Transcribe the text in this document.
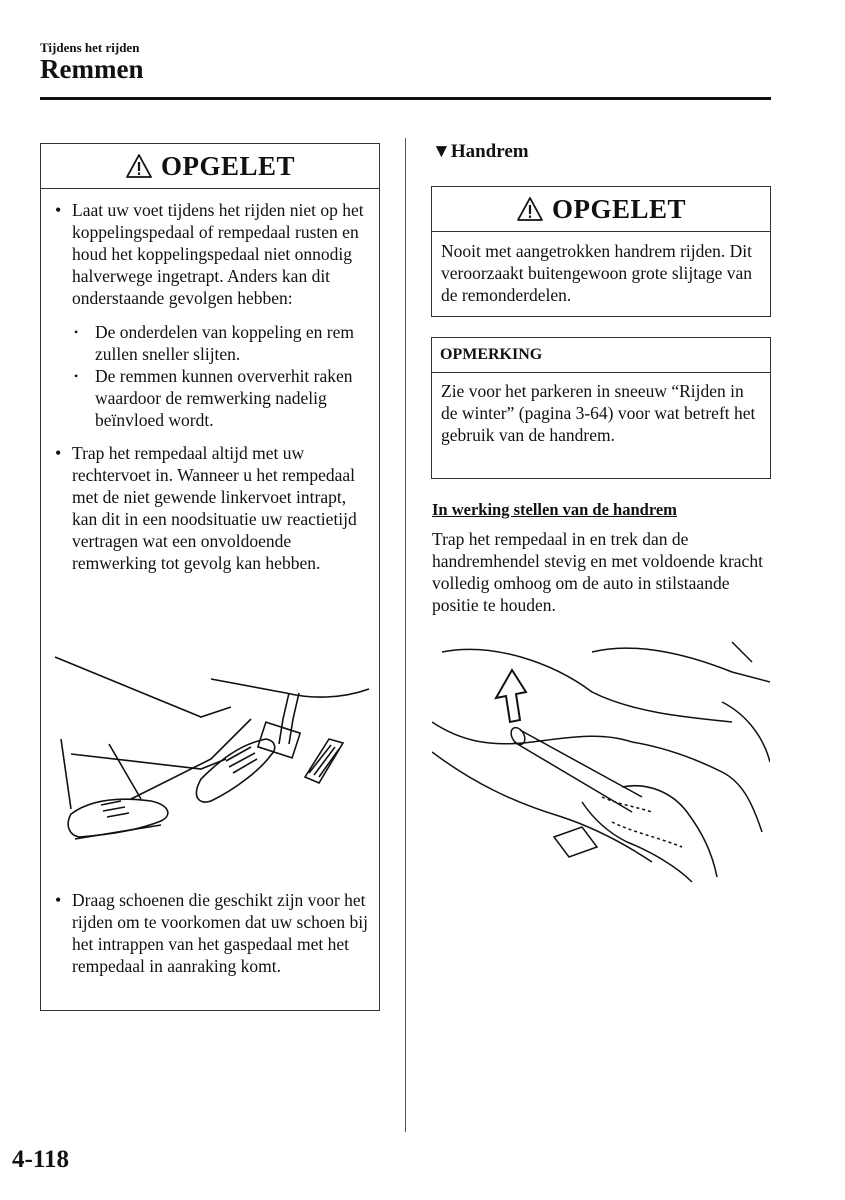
Tijdens het rijden
Remmen
OPGELET
• Laat uw voet tijdens het rijden niet op het koppelingspedaal of rempedaal rusten en houd het koppelingspedaal niet onnodig halverwege ingetrapt. Anders kan dit onderstaande gevolgen hebben:
• De onderdelen van koppeling en rem zullen sneller slijten.
• De remmen kunnen oververhit raken waardoor de remwerking nadelig beïnvloed wordt.
• Trap het rempedaal altijd met uw rechtervoet in. Wanneer u het rempedaal met de niet gewende linkervoet intrapt, kan dit in een noodsituatie uw reactietijd vertragen wat een onvoldoende remwerking tot gevolg kan hebben.
• Draag schoenen die geschikt zijn voor het rijden om te voorkomen dat uw schoen bij het intrappen van het gaspedaal met het rempedaal in aanraking komt.
▼Handrem
OPGELET
Nooit met aangetrokken handrem rijden. Dit veroorzaakt buitengewoon grote slijtage van de remonderdelen.
OPMERKING
Zie voor het parkeren in sneeuw “Rijden in de winter” (pagina 3-64) voor wat betreft het gebruik van de handrem.
In werking stellen van de handrem
Trap het rempedaal in en trek dan de handremhendel stevig en met voldoende kracht volledig omhoog om de auto in stilstaande positie te houden.
4-118
